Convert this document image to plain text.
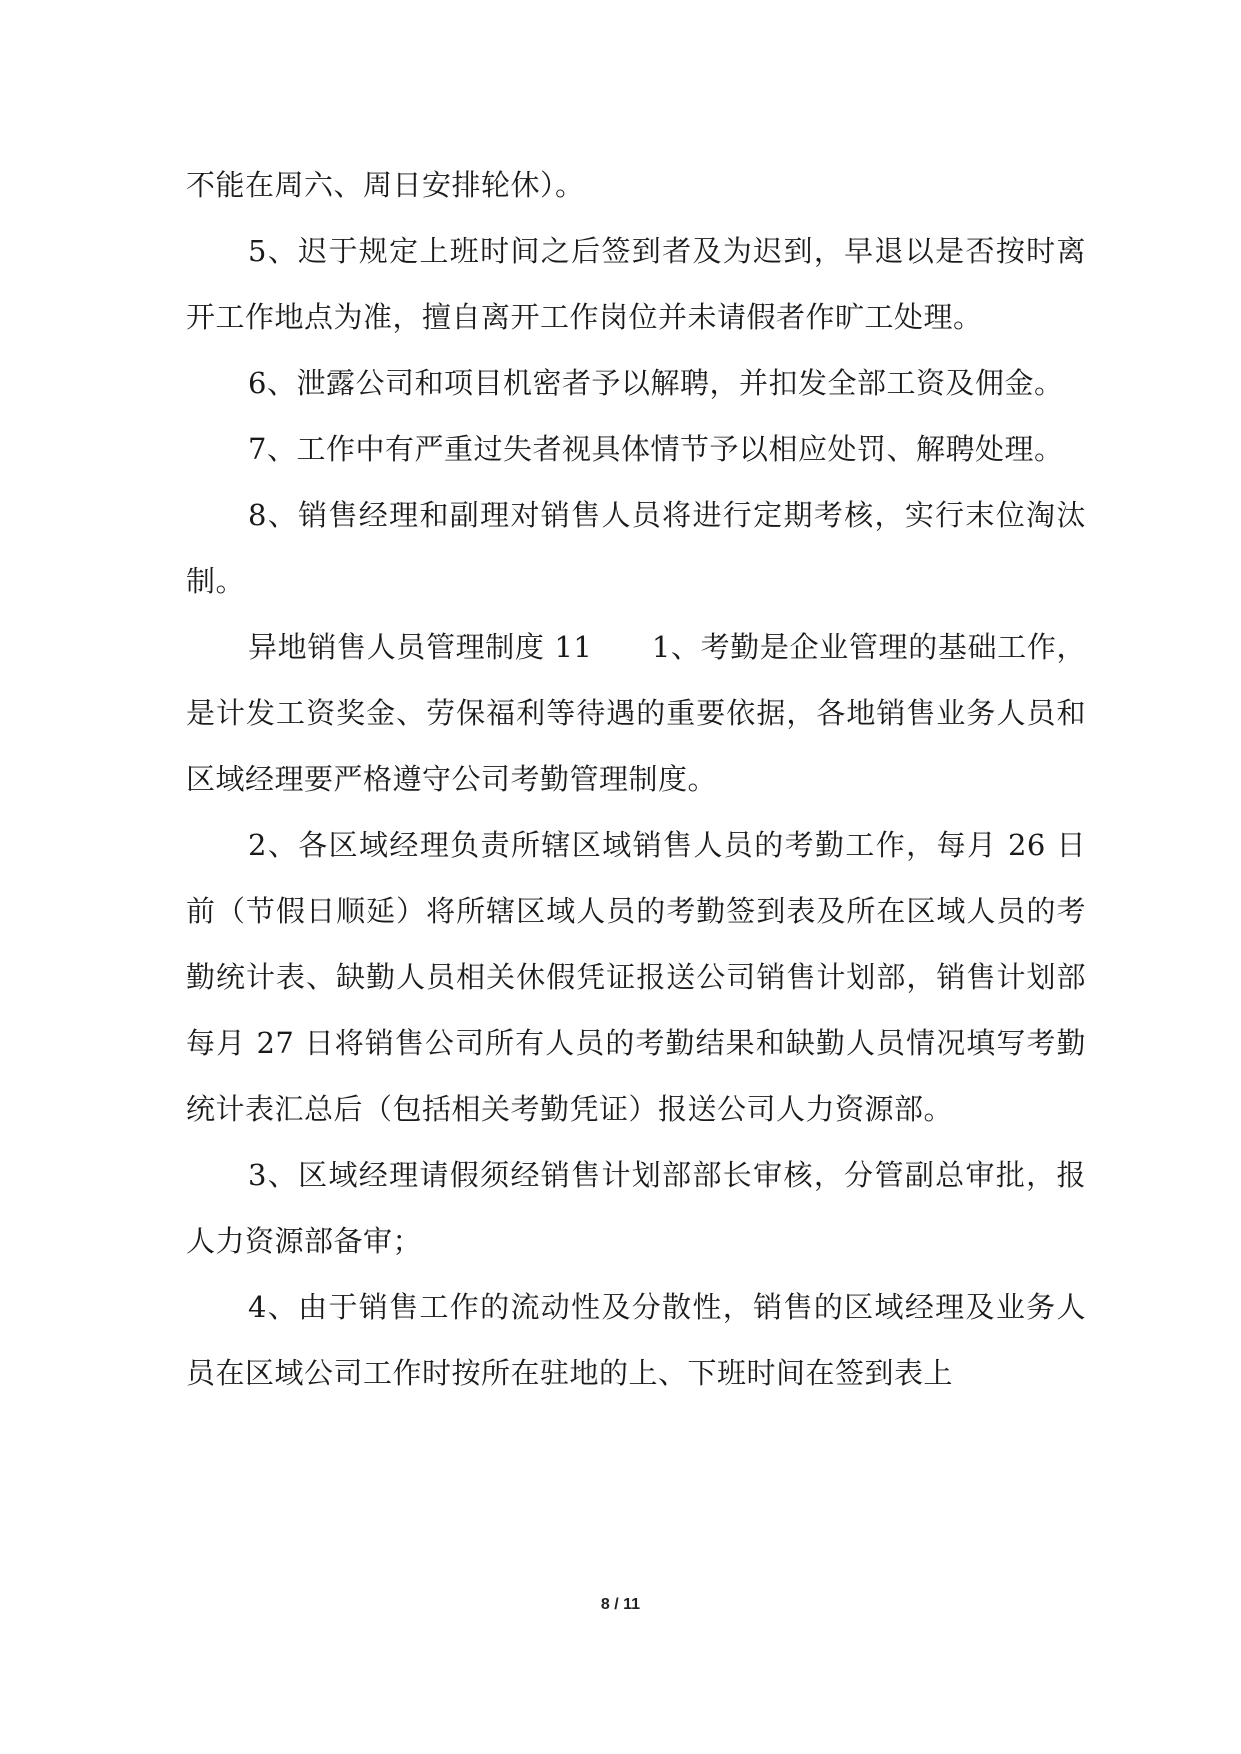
不能在周六、周日安排轮休）。

5、迟于规定上班时间之后签到者及为迟到，早退以是否按时离开工作地点为准，擅自离开工作岗位并未请假者作旷工处理。

6、泄露公司和项目机密者予以解聘，并扣发全部工资及佣金。

7、工作中有严重过失者视具体情节予以相应处罚、解聘处理。

8、销售经理和副理对销售人员将进行定期考核，实行末位淘汰制。

异地销售人员管理制度 11　　1、考勤是企业管理的基础工作，是计发工资奖金、劳保福利等待遇的重要依据，各地销售业务人员和区域经理要严格遵守公司考勤管理制度。

2、各区域经理负责所辖区域销售人员的考勤工作，每月 26 日前（节假日顺延）将所辖区域人员的考勤签到表及所在区域人员的考勤统计表、缺勤人员相关休假凭证报送公司销售计划部，销售计划部每月 27 日将销售公司所有人员的考勤结果和缺勤人员情况填写考勤统计表汇总后（包括相关考勤凭证）报送公司人力资源部。

3、区域经理请假须经销售计划部部长审核，分管副总审批，报人力资源部备审；

4、由于销售工作的流动性及分散性，销售的区域经理及业务人员在区域公司工作时按所在驻地的上、下班时间在签到表上

8 / 11
